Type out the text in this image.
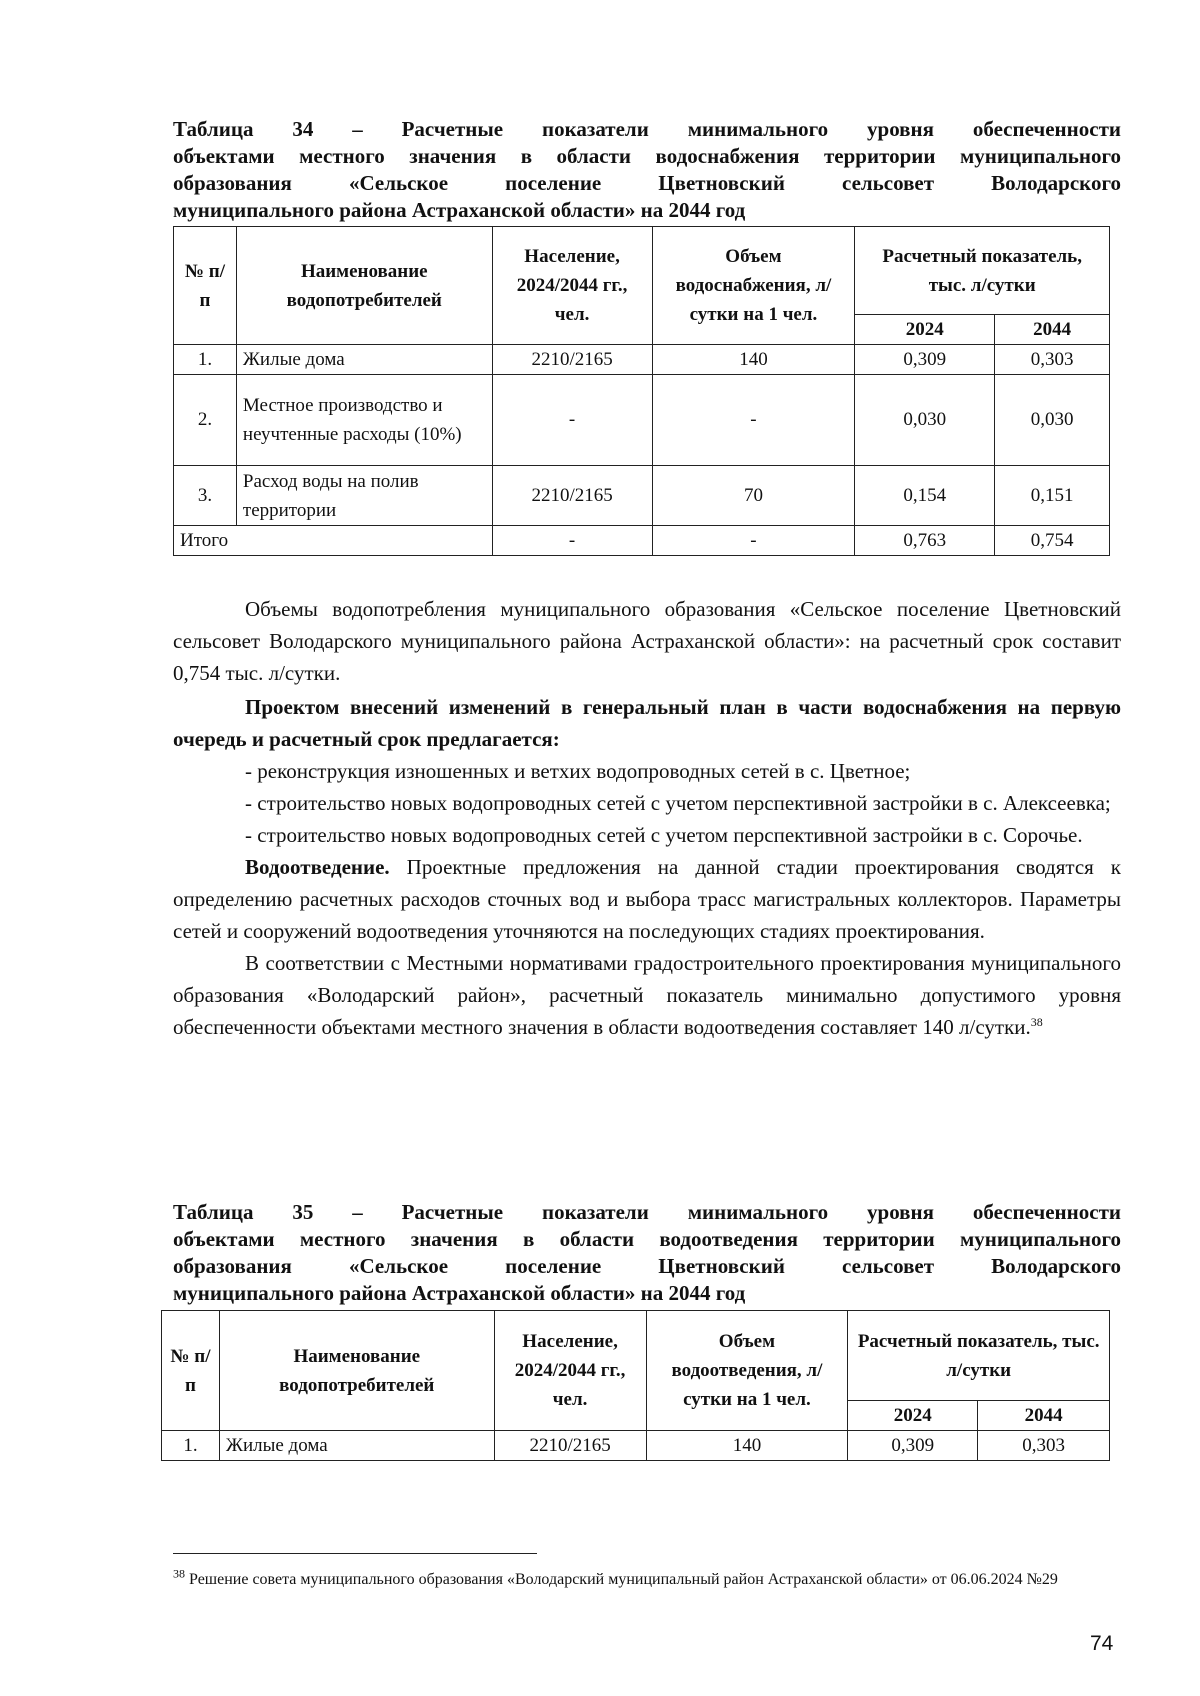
Таблица 34 – Расчетные показатели минимального уровня обеспеченности
объектами местного значения в области водоснабжения территории муниципального
образования «Сельское поселение Цветновский сельсовет Володарского
муниципального района Астраханской области» на 2044 год

№ п/п	Наименование водопотребителей	Население, 2024/2044 гг., чел.	Объем водоснабжения, л/сутки на 1 чел.	Расчетный показатель, тыс. л/сутки	
				2024	2044
1.	Жилые дома	2210/2165	140	0,309	0,303
2.	Местное производство и неучтенные расходы (10%)	-	-	0,030	0,030
3.	Расход воды на полив территории	2210/2165	70	0,154	0,151
Итого		-	-	0,763	0,754
Объемы водопотребления муниципального образования «Сельское поселение Цветновский сельсовет Володарского муниципального района Астраханской области»: на расчетный срок составит 0,754 тыс. л/сутки.
Проектом внесений изменений в генеральный план в части водоснабжения на первую очередь и расчетный срок предлагается:
- реконструкция изношенных и ветхих водопроводных сетей в с. Цветное;
- строительство новых водопроводных сетей с учетом перспективной застройки в с. Алексеевка;
- строительство новых водопроводных сетей с учетом перспективной застройки в с. Сорочье.
Водоотведение. Проектные предложения на данной стадии проектирования сводятся к определению расчетных расходов сточных вод и выбора трасс магистральных коллекторов. Параметры сетей и сооружений водоотведения уточняются на последующих стадиях проектирования.
В соответствии с Местными нормативами градостроительного проектирования муниципального образования «Володарский район», расчетный показатель минимально допустимого уровня обеспеченности объектами местного значения в области водоотведения составляет 140 л/сутки.$^{38}$

Таблица 35 – Расчетные показатели минимального уровня обеспеченности
объектами местного значения в области водоотведения территории муниципального
образования «Сельское поселение Цветновский сельсовет Володарского
муниципального района Астраханской области» на 2044 год

№ п/п	Наименование водопотребителей	Население, 2024/2044 гг., чел.	Объем водоотведения, л/сутки на 1 чел.	Расчетный показатель, тыс. л/сутки	
				2024	2044
1.	Жилые дома	2210/2165	140	0,309	0,303

$^{38}$ Решение совета муниципального образования «Володарский муниципальный район Астраханской области» от 06.06.2024 №29

74
